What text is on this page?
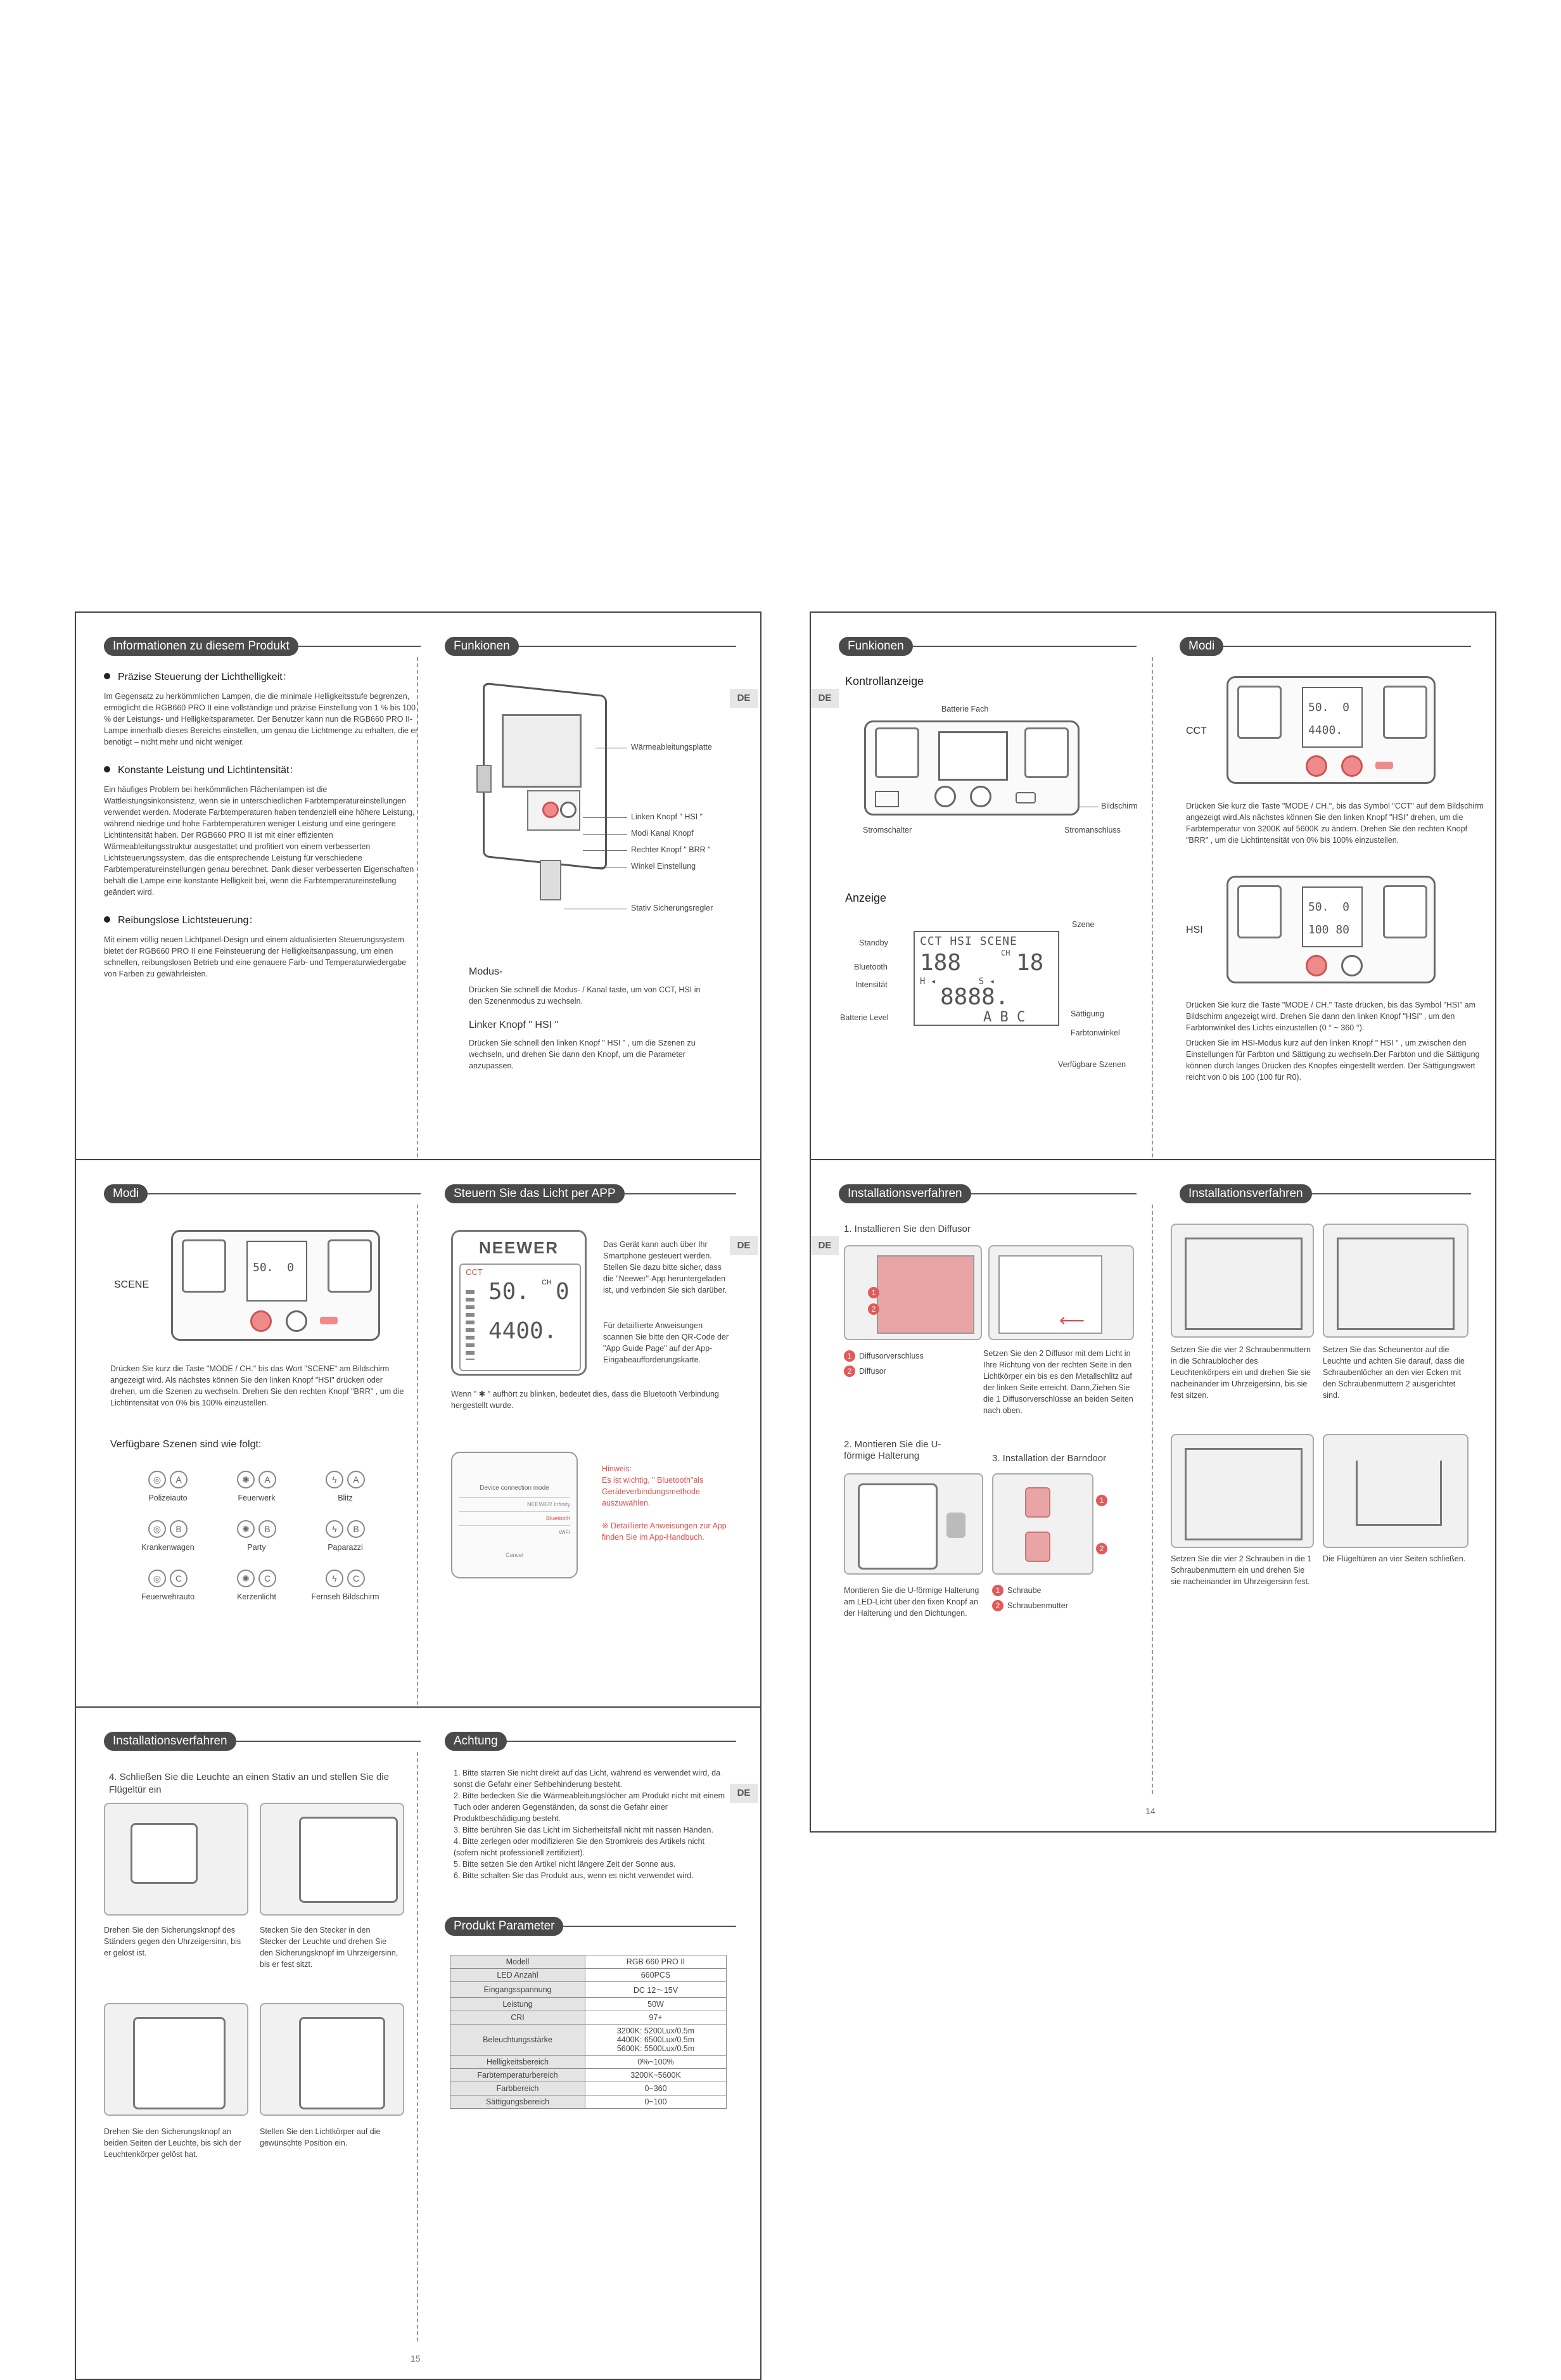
Informationen zu diesem Produkt
Präzise Steuerung der Lichthelligkeit：
Im Gegensatz zu herkömmlichen Lampen, die die minimale Helligkeitsstufe begrenzen, ermöglicht die RGB660 PRO II eine vollständige und präzise Einstellung von 1 % bis 100 % der Leistungs- und Helligkeitsparameter. Der Benutzer kann nun die RGB660 PRO II-Lampe innerhalb dieses Bereichs einstellen, um genau die Lichtmenge zu erhalten, die er benötigt – nicht mehr und nicht weniger.
Konstante Leistung und Lichtintensität：
Ein häufiges Problem bei herkömmlichen Flächenlampen ist die Wattleistungsinkonsistenz, wenn sie in unterschiedlichen Farbtemperatureinstellungen verwendet werden. Moderate Farbtemperaturen haben tendenziell eine höhere Leistung, während niedrige und hohe Farbtemperaturen weniger Leistung und eine geringere Lichtintensität haben. Der RGB660 PRO II ist mit einer effizienten Wärmeableitungsstruktur ausgestattet und profitiert von einem verbesserten Lichtsteuerungssystem, das die entsprechende Leistung für verschiedene Farbtemperatureinstellungen genau berechnet. Dank dieser verbesserten Eigenschaften behält die Lampe eine konstante Helligkeit bei, wenn die Farbtemperatureinstellung geändert wird.
Reibungslose Lichtsteuerung：
Mit einem völlig neuen Lichtpanel-Design und einem aktualisierten Steuerungssystem bietet der RGB660 PRO II eine Feinsteuerung der Helligkeitsanpassung, um einen schnellen, reibungslosen Betrieb und eine genauere Farb- und Temperaturwiedergabe von Farben zu gewährleisten.
Funkionen
DE
Wärmeableitungsplatte
Linken Knopf " HSI "
Modi Kanal Knopf
Rechter Knopf " BRR "
Winkel Einstellung
Stativ Sicherungsregler
Modus-
Drücken Sie schnell die Modus- / Kanal taste, um von CCT, HSI in den Szenenmodus zu wechseln.
Linker Knopf " HSI "
Drücken Sie schnell den linken Knopf " HSI " , um die Szenen zu wechseln, und drehen Sie dann den Knopf, um die Parameter anzupassen.
Funkionen
DE
Kontrollanzeige
Batterie Fach
Bildschirm
Stromschalter	Stromanschluss
Anzeige
CCT HSI SCENE
188	CH 18
H ◂        S ◂
8888.
A B C
Standby
Bluetooth
Intensität
Batterie Level
Szene
Sättigung
Farbtonwinkel
Verfügbare Szenen
Modi
CCT
50.  0
4400.
Drücken Sie kurz die Taste "MODE / CH.", bis das Symbol "CCT" auf dem Bildschirm angezeigt wird.Als nächstes können Sie den linken Knopf "HSI" drehen, um die Farbtemperatur von 3200K auf 5600K zu ändern. Drehen Sie den rechten Knopf "BRR" , um die Lichtintensität von 0% bis 100% einzustellen.
HSI
50.  0
100 80
Drücken Sie kurz die Taste "MODE / CH." Taste drücken, bis das Symbol "HSI" am Bildschirm angezeigt wird. Drehen Sie dann den linken Knopf "HSI" , um den Farbtonwinkel des Lichts einzustellen (0 ° ~ 360 °).
Drücken Sie im HSI-Modus kurz auf den linken Knopf " HSI " , um zwischen den Einstellungen für Farbton und Sättigung zu wechseln.Der Farbton und die Sättigung können durch langes Drücken des Knopfes eingestellt werden. Der Sättigungswert reicht von 0 bis 100 (100 für R0).
Modi
SCENE
50.  0
Drücken Sie kurz die Taste "MODE / CH." bis das Wort "SCENE" am Bildschirm angezeigt wird. Als nächstes können Sie den linken Knopf "HSI" drücken oder drehen, um die Szenen zu wechseln. Drehen Sie den rechten Knopf "BRR" , um die Lichtintensität von 0% bis 100% einzustellen.
Verfügbare Szenen sind wie folgt:
◎	A
Polizeiauto
✺	A
Feuerwerk
ϟ	A
Blitz
◎	B
Krankenwagen
✺	B
Party
ϟ	B
Paparazzi
◎	C
Feuerwehrauto
✺	C
Kerzenlicht
ϟ	C
Fernseh Bildschirm
Steuern Sie das Licht per APP
DE
NEEWER
CCT
50. CH 0
4400.
Das Gerät kann auch über Ihr Smartphone gesteuert werden. Stellen Sie dazu bitte sicher, dass die "Neewer"-App heruntergeladen ist, und verbinden Sie sich darüber.
Für detaillierte Anweisungen scannen Sie bitte den QR-Code der "App Guide Page" auf der App-Eingabeaufforderungskarte.
Wenn " ✱ " aufhört zu blinken, bedeutet dies, dass die Bluetooth Verbindung hergestellt wurde.
Device connection mode
NEEWER Infinity
Bluetooth
WiFi
Cancel
Hinweis:
Es ist wichtig, " Bluetooth"als Geräteverbindungsmethode auszuwählen.
※ Detaillierte Anweisungen zur App finden Sie im App-Handbuch.
Installationsverfahren
DE
1. Installieren Sie den Diffusor
1
2
⟵
1 Diffusorverschluss
2 Diffusor
Setzen Sie den 2 Diffusor mit dem Licht in Ihre Richtung von der rechten Seite in den Lichtkörper ein bis es den Metallschlitz auf der linken Seite erreicht. Dann,Ziehen Sie die 1 Diffusorverschlüsse an beiden Seiten nach oben.
2. Montieren Sie die U-förmige Halterung	3. Installation der Barndoor
1
2
Montieren Sie die U-förmige Halterung am LED-Licht über den fixen Knopf an der Halterung und den Dichtungen.
1 Schraube
2 Schraubenmutter
Installationsverfahren
Setzen Sie die vier 2 Schraubenmuttern in die Schraublöcher des Leuchtenkörpers ein und drehen Sie sie nacheinander im Uhrzeigersinn, bis sie fest sitzen.
Setzen Sie das Scheunentor auf die Leuchte und achten Sie darauf, dass die Schraubenlöcher an den vier Ecken mit den Schraubenmuttern 2 ausgerichtet sind.
Setzen Sie die vier 2 Schrauben in die 1 Schraubenmuttern ein und drehen Sie sie nacheinander im Uhrzeigersinn fest.
Die Flügeltüren an vier Seiten schließen.
14
Installationsverfahren
4. Schließen Sie die Leuchte an einen Stativ an und stellen Sie die Flügeltür ein
Drehen Sie den Sicherungsknopf des Ständers gegen den Uhrzeigersinn, bis er gelöst ist.
Stecken Sie den Stecker in den Stecker der Leuchte und drehen Sie den Sicherungsknopf im Uhrzeigersinn, bis er fest sitzt.
Drehen Sie den Sicherungsknopf an beiden Seiten der Leuchte, bis sich der Leuchtenkörper gelöst hat.
Stellen Sie den Lichtkörper auf die gewünschte Position ein.
Achtung
DE
1. Bitte starren Sie nicht direkt auf das Licht, während es verwendet wird, da sonst die Gefahr einer Sehbehinderung besteht.
2. Bitte bedecken Sie die Wärmeableitungslöcher am Produkt nicht mit einem Tuch oder anderen Gegenständen, da sonst die Gefahr einer Produktbeschädigung besteht.
3. Bitte berühren Sie das Licht im Sicherheitsfall nicht mit nassen Händen.
4. Bitte zerlegen oder modifizieren Sie den Stromkreis des Artikels nicht (sofern nicht professionell zertifiziert).
5. Bitte setzen Sie den Artikel nicht längere Zeit der Sonne aus.
6. Bitte schalten Sie das Produkt aus, wenn es nicht verwendet wird.
Produkt Parameter
Modell	RGB 660 PRO II
LED Anzahl	660PCS
Eingangsspannung	DC 12～15V
Leistung	50W
CRI	97+
Beleuchtungsstärke	3200K: 5200Lux/0.5m
4400K: 6500Lux/0.5m
5600K: 5500Lux/0.5m
Helligkeitsbereich	0%~100%
Farbtemperaturbereich	3200K~5600K
Farbbereich	0~360
Sättigungsbereich	0~100
15
